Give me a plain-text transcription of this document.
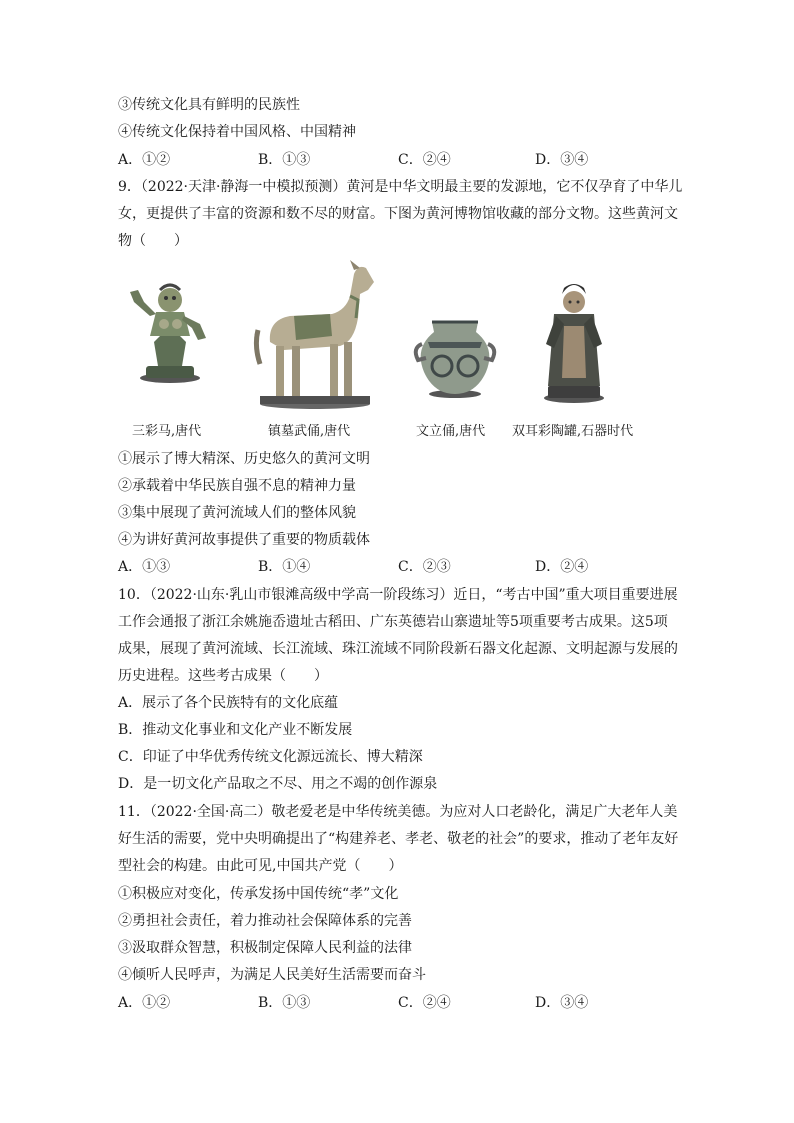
③传统文化具有鲜明的民族性
④传统文化保持着中国风格、中国精神
A．①②	B．①③	C．②④	D．③④
9．（2022·天津·静海一中模拟预测）黄河是中华文明最主要的发源地，它不仅孕育了中华儿
女，更提供了丰富的资源和数不尽的财富。下图为黄河博物馆收藏的部分文物。这些黄河文
物（　　）
三彩马,唐代	镇墓武俑,唐代	文立俑,唐代 双耳彩陶罐,石器时代
①展示了博大精深、历史悠久的黄河文明
②承载着中华民族自强不息的精神力量
③集中展现了黄河流域人们的整体风貌
④为讲好黄河故事提供了重要的物质载体
A．①③	B．①④	C．②③	D．②④
10．（2022·山东·乳山市银滩高级中学高一阶段练习）近日，“考古中国”重大项目重要进展
工作会通报了浙江余姚施岙遗址古稻田、广东英德岩山寨遗址等5项重要考古成果。这5项
成果，展现了黄河流域、长江流域、珠江流域不同阶段新石器文化起源、文明起源与发展的
历史进程。这些考古成果（　　）
A．展示了各个民族特有的文化底蕴
B．推动文化事业和文化产业不断发展
C．印证了中华优秀传统文化源远流长、博大精深
D．是一切文化产品取之不尽、用之不竭的创作源泉
11．（2022·全国·高二）敬老爱老是中华传统美德。为应对人口老龄化，满足广大老年人美
好生活的需要，党中央明确提出了“构建养老、孝老、敬老的社会”的要求，推动了老年友好
型社会的构建。由此可见,中国共产党（　　）
①积极应对变化，传承发扬中国传统“孝”文化
②勇担社会责任，着力推动社会保障体系的完善
③汲取群众智慧，积极制定保障人民利益的法律
④倾听人民呼声，为满足人民美好生活需要而奋斗
A．①②	B．①③	C．②④	D．③④
